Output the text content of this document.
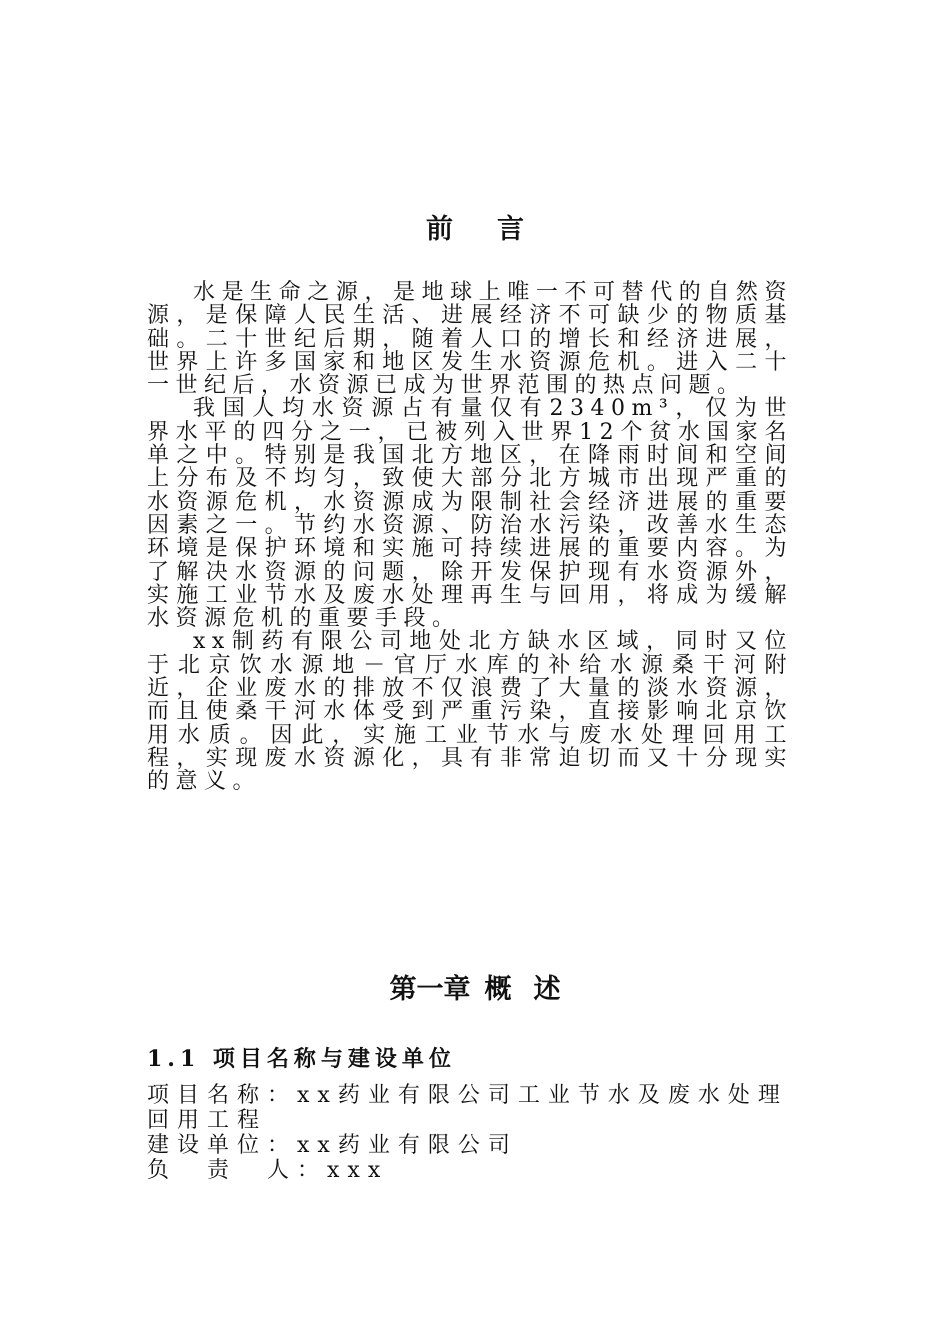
前 言

水是生命之源，是地球上唯一不可替代的自然资源，是保障人民生活、进展经济不可缺少的物质基础。二十世纪后期，随着人口的增长和经济进展，世界上许多国家和地区发生水资源危机。进入二十一世纪后，水资源已成为世界范围的热点问题。

我国人均水资源占有量仅有2340m³，仅为世界水平的四分之一，已被列入世界12个贫水国家名单之中。特别是我国北方地区，在降雨时间和空间上分布及不均匀，致使大部分北方城市出现严重的水资源危机，水资源成为限制社会经济进展的重要因素之一。节约水资源、防治水污染，改善水生态环境是保护环境和实施可持续进展的重要内容。为了解决水资源的问题，除开发保护现有水资源外，实施工业节水及废水处理再生与回用，将成为缓解水资源危机的重要手段。

xx制药有限公司地处北方缺水区域，同时又位于北京饮水源地－官厅水库的补给水源桑干河附近，企业废水的排放不仅浪费了大量的淡水资源，而且使桑干河水体受到严重污染，直接影响北京饮用水质。因此，实施工业节水与废水处理回用工程，实现废水资源化，具有非常迫切而又十分现实的意义。

第一章 概 述
1.1 项目名称与建设单位

项目名称：xx药业有限公司工业节水及废水处理回用工程

建设单位：xx药业有限公司

负　责　人：xxx
